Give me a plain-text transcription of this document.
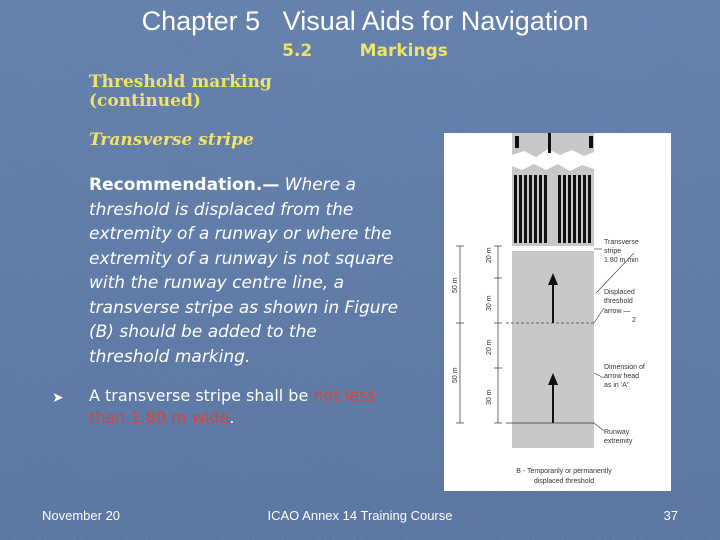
Chapter 5   Visual Aids for Navigation
5.2        Markings
Threshold marking
(continued)
Transverse stripe
Recommendation.— Where a threshold is displaced from the extremity of a runway or where the extremity of a runway is not square with the runway centre line, a transverse stripe as shown in Figure (B) should be added to the threshold marking.
➤ A transverse stripe shall be not less than 1.80 m wide.
20 m
50 m
30 m
20 m
50 m
30 m
Transverse
stripe
1.80 m min
Displaced
threshold
arrow —
2
Dimension of
arrow head
as in 'A'
Runway
extremity
B - Temporarily or permanently
displaced threshold
November 20	ICAO Annex 14 Training Course	37
